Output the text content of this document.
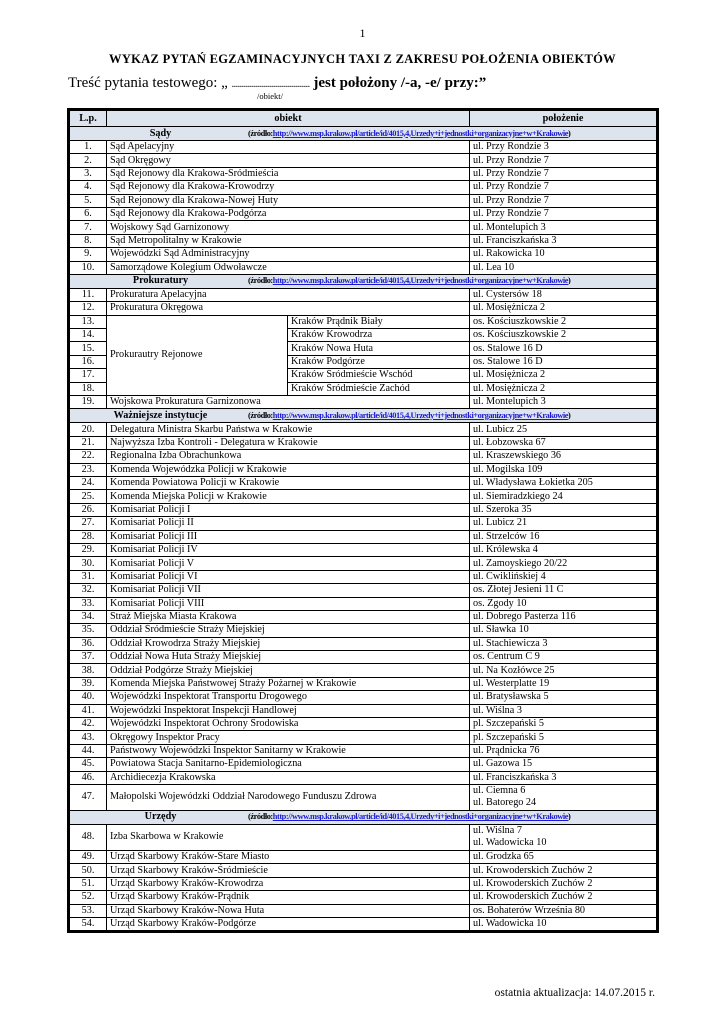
1
WYKAZ PYTAŃ EGZAMINACYJNYCH TAXI Z ZAKRESU POŁOŻENIA OBIEKTÓW
Treść pytania testowego: „ ....................................... jest położony /-a, -e/ przy:”
/obiekt/
L.p.	obiekt		położenie
Sądy (źródło:http://www.msp.krakow.pl/article/id/4015,4,Urzedy+i+jednostki+organizacyjne+w+Krakowie)			
1.	Sąd Apelacyjny		ul. Przy Rondzie 3
2.	Sąd Okręgowy		ul. Przy Rondzie 7
3.	Sąd Rejonowy dla Krakowa-Śródmieścia		ul. Przy Rondzie 7
4.	Sąd Rejonowy dla Krakowa-Krowodrzy		ul. Przy Rondzie 7
5.	Sąd Rejonowy dla Krakowa-Nowej Huty		ul. Przy Rondzie 7
6.	Sąd Rejonowy dla Krakowa-Podgórza		ul. Przy Rondzie 7
7.	Wojskowy Sąd Garnizonowy		ul. Montelupich 3
8.	Sąd Metropolitalny w Krakowie		ul. Franciszkańska 3
9.	Wojewódzki Sąd Administracyjny		ul. Rakowicka 10
10.	Samorządowe Kolegium Odwoławcze		ul. Lea 10
Prokuratury (źródło:http://www.msp.krakow.pl/article/id/4015,4,Urzedy+i+jednostki+organizacyjne+w+Krakowie)			
11.	Prokuratura Apelacyjna		ul. Cystersów 18
12.	Prokuratura Okręgowa		ul. Mosiężnicza 2
13.	Prokurautry Rejonowe	Kraków Prądnik Biały	os. Kościuszkowskie 2
14.		Kraków Krowodrza	os. Kościuszkowskie 2
15.		Kraków Nowa Huta	os. Stalowe 16 D
16.		Kraków Podgórze	os. Stalowe 16 D
17.		Kraków Śródmieście Wschód	ul. Mosiężnicza 2
18.		Kraków Śródmieście Zachód	ul. Mosiężnicza 2
19.	Wojskowa Prokuratura Garnizonowa		ul. Montelupich 3
Ważniejsze instytucje (źródło:http://www.msp.krakow.pl/article/id/4015,4,Urzedy+i+jednostki+organizacyjne+w+Krakowie)			
20.	Delegatura Ministra Skarbu Państwa w Krakowie		ul. Lubicz 25
21.	Najwyższa Izba Kontroli - Delegatura w Krakowie		ul. Łobzowska 67
22.	Regionalna Izba Obrachunkowa		ul. Kraszewskiego 36
23.	Komenda Wojewódzka Policji w Krakowie		ul. Mogilska 109
24.	Komenda Powiatowa Policji w Krakowie		ul. Władysława Łokietka 205
25.	Komenda Miejska Policji w Krakowie		ul. Siemiradzkiego 24
26.	Komisariat Policji I		ul. Szeroka 35
27.	Komisariat Policji II		ul. Lubicz 21
28.	Komisariat Policji III		ul. Strzelców 16
29.	Komisariat Policji IV		ul. Królewska 4
30.	Komisariat Policji V		ul. Zamoyskiego 20/22
31.	Komisariat Policji VI		ul. Ćwiklińskiej 4
32.	Komisariat Policji VII		os. Złotej Jesieni 11 C
33.	Komisariat Policji VIII		os. Zgody 10
34.	Straż Miejska Miasta Krakowa		ul. Dobrego Pasterza 116
35.	Oddział Śródmieście Straży Miejskiej		ul. Sławka 10
36.	Oddział Krowodrza Straży Miejskiej		ul. Stachiewicza 3
37.	Oddział Nowa Huta Straży Miejskiej		os. Centrum C 9
38.	Oddział Podgórze Straży Miejskiej		ul. Na Kozłówce 25
39.	Komenda Miejska Państwowej Straży Pożarnej w Krakowie		ul. Westerplatte 19
40.	Wojewódzki Inspektorat Transportu Drogowego		ul. Bratysławska 5
41.	Wojewódzki Inspektorat Inspekcji Handlowej		ul. Wiślna 3
42.	Wojewódzki Inspektorat Ochrony Środowiska		pl. Szczepański 5
43.	Okręgowy Inspektor Pracy		pl. Szczepański 5
44.	Państwowy Wojewódzki Inspektor Sanitarny w Krakowie		ul. Prądnicka 76
45.	Powiatowa Stacja Sanitarno-Epidemiologiczna		ul. Gazowa 15
46.	Archidiecezja Krakowska		ul. Franciszkańska 3
47.	Małopolski Wojewódzki Oddział Narodowego Funduszu Zdrowa		ul. Ciemna 6
ul. Batorego 24

Urzędy (źródło:http://www.msp.krakow.pl/article/id/4015,4,Urzedy+i+jednostki+organizacyjne+w+Krakowie)			
48.	Izba Skarbowa w Krakowie		ul. Wiślna 7
ul. Wadowicka 10

49.	Urząd Skarbowy Kraków-Stare Miasto		ul. Grodzka 65
50.	Urząd Skarbowy Kraków-Śródmieście		ul. Krowoderskich Zuchów 2
51.	Urząd Skarbowy Kraków-Krowodrza		ul. Krowoderskich Zuchów 2
52.	Urząd Skarbowy Kraków-Prądnik		ul. Krowoderskich Zuchów 2
53.	Urząd Skarbowy Kraków-Nowa Huta		os. Bohaterów Września 80
54.	Urząd Skarbowy Kraków-Podgórze		ul. Wadowicka 10
ostatnia aktualizacja: 14.07.2015 r.
